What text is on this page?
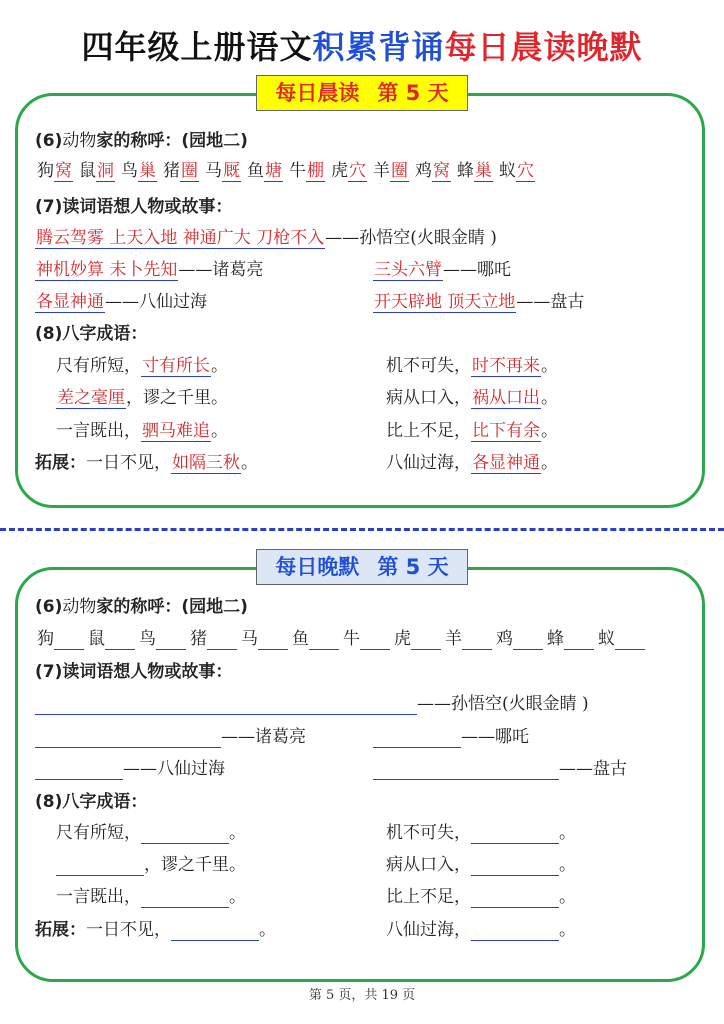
四年级上册语文积累背诵每日晨读晚默
每日晨读 第 5 天
(6)动物家的称呼：(园地二)
狗窝 鼠洞 鸟巢 猪圈 马厩 鱼塘 牛棚 虎穴 羊圈 鸡窝 蜂巢 蚁穴
(7)读词语想人物或故事：
腾云驾雾 上天入地 神通广大 刀枪不入——孙悟空(火眼金睛 )
神机妙算 未卜先知——诸葛亮	三头六臂——哪吒
各显神通——八仙过海	开天辟地 顶天立地——盘古
(8)八字成语：
尺有所短，寸有所长。	机不可失，时不再来。
差之毫厘，谬之千里。	病从口入，祸从口出。
一言既出，驷马难追。	比上不足，比下有余。
拓展：一日不见，如隔三秋。	八仙过海，各显神通。
每日晚默 第 5 天
(6)动物家的称呼：(园地二)
狗 鼠 鸟 猪 马 鱼 牛 虎 羊 鸡 蜂 蚁
(7)读词语想人物或故事：
——孙悟空(火眼金睛 )
——诸葛亮	——哪吒
——八仙过海	——盘古
(8)八字成语：
尺有所短，	。	机不可失，	。
，谬之千里。	病从口入，	。
一言既出，	。	比上不足，	。
拓展：一日不见，	。	八仙过海，	。
第 5 页，共 19 页
